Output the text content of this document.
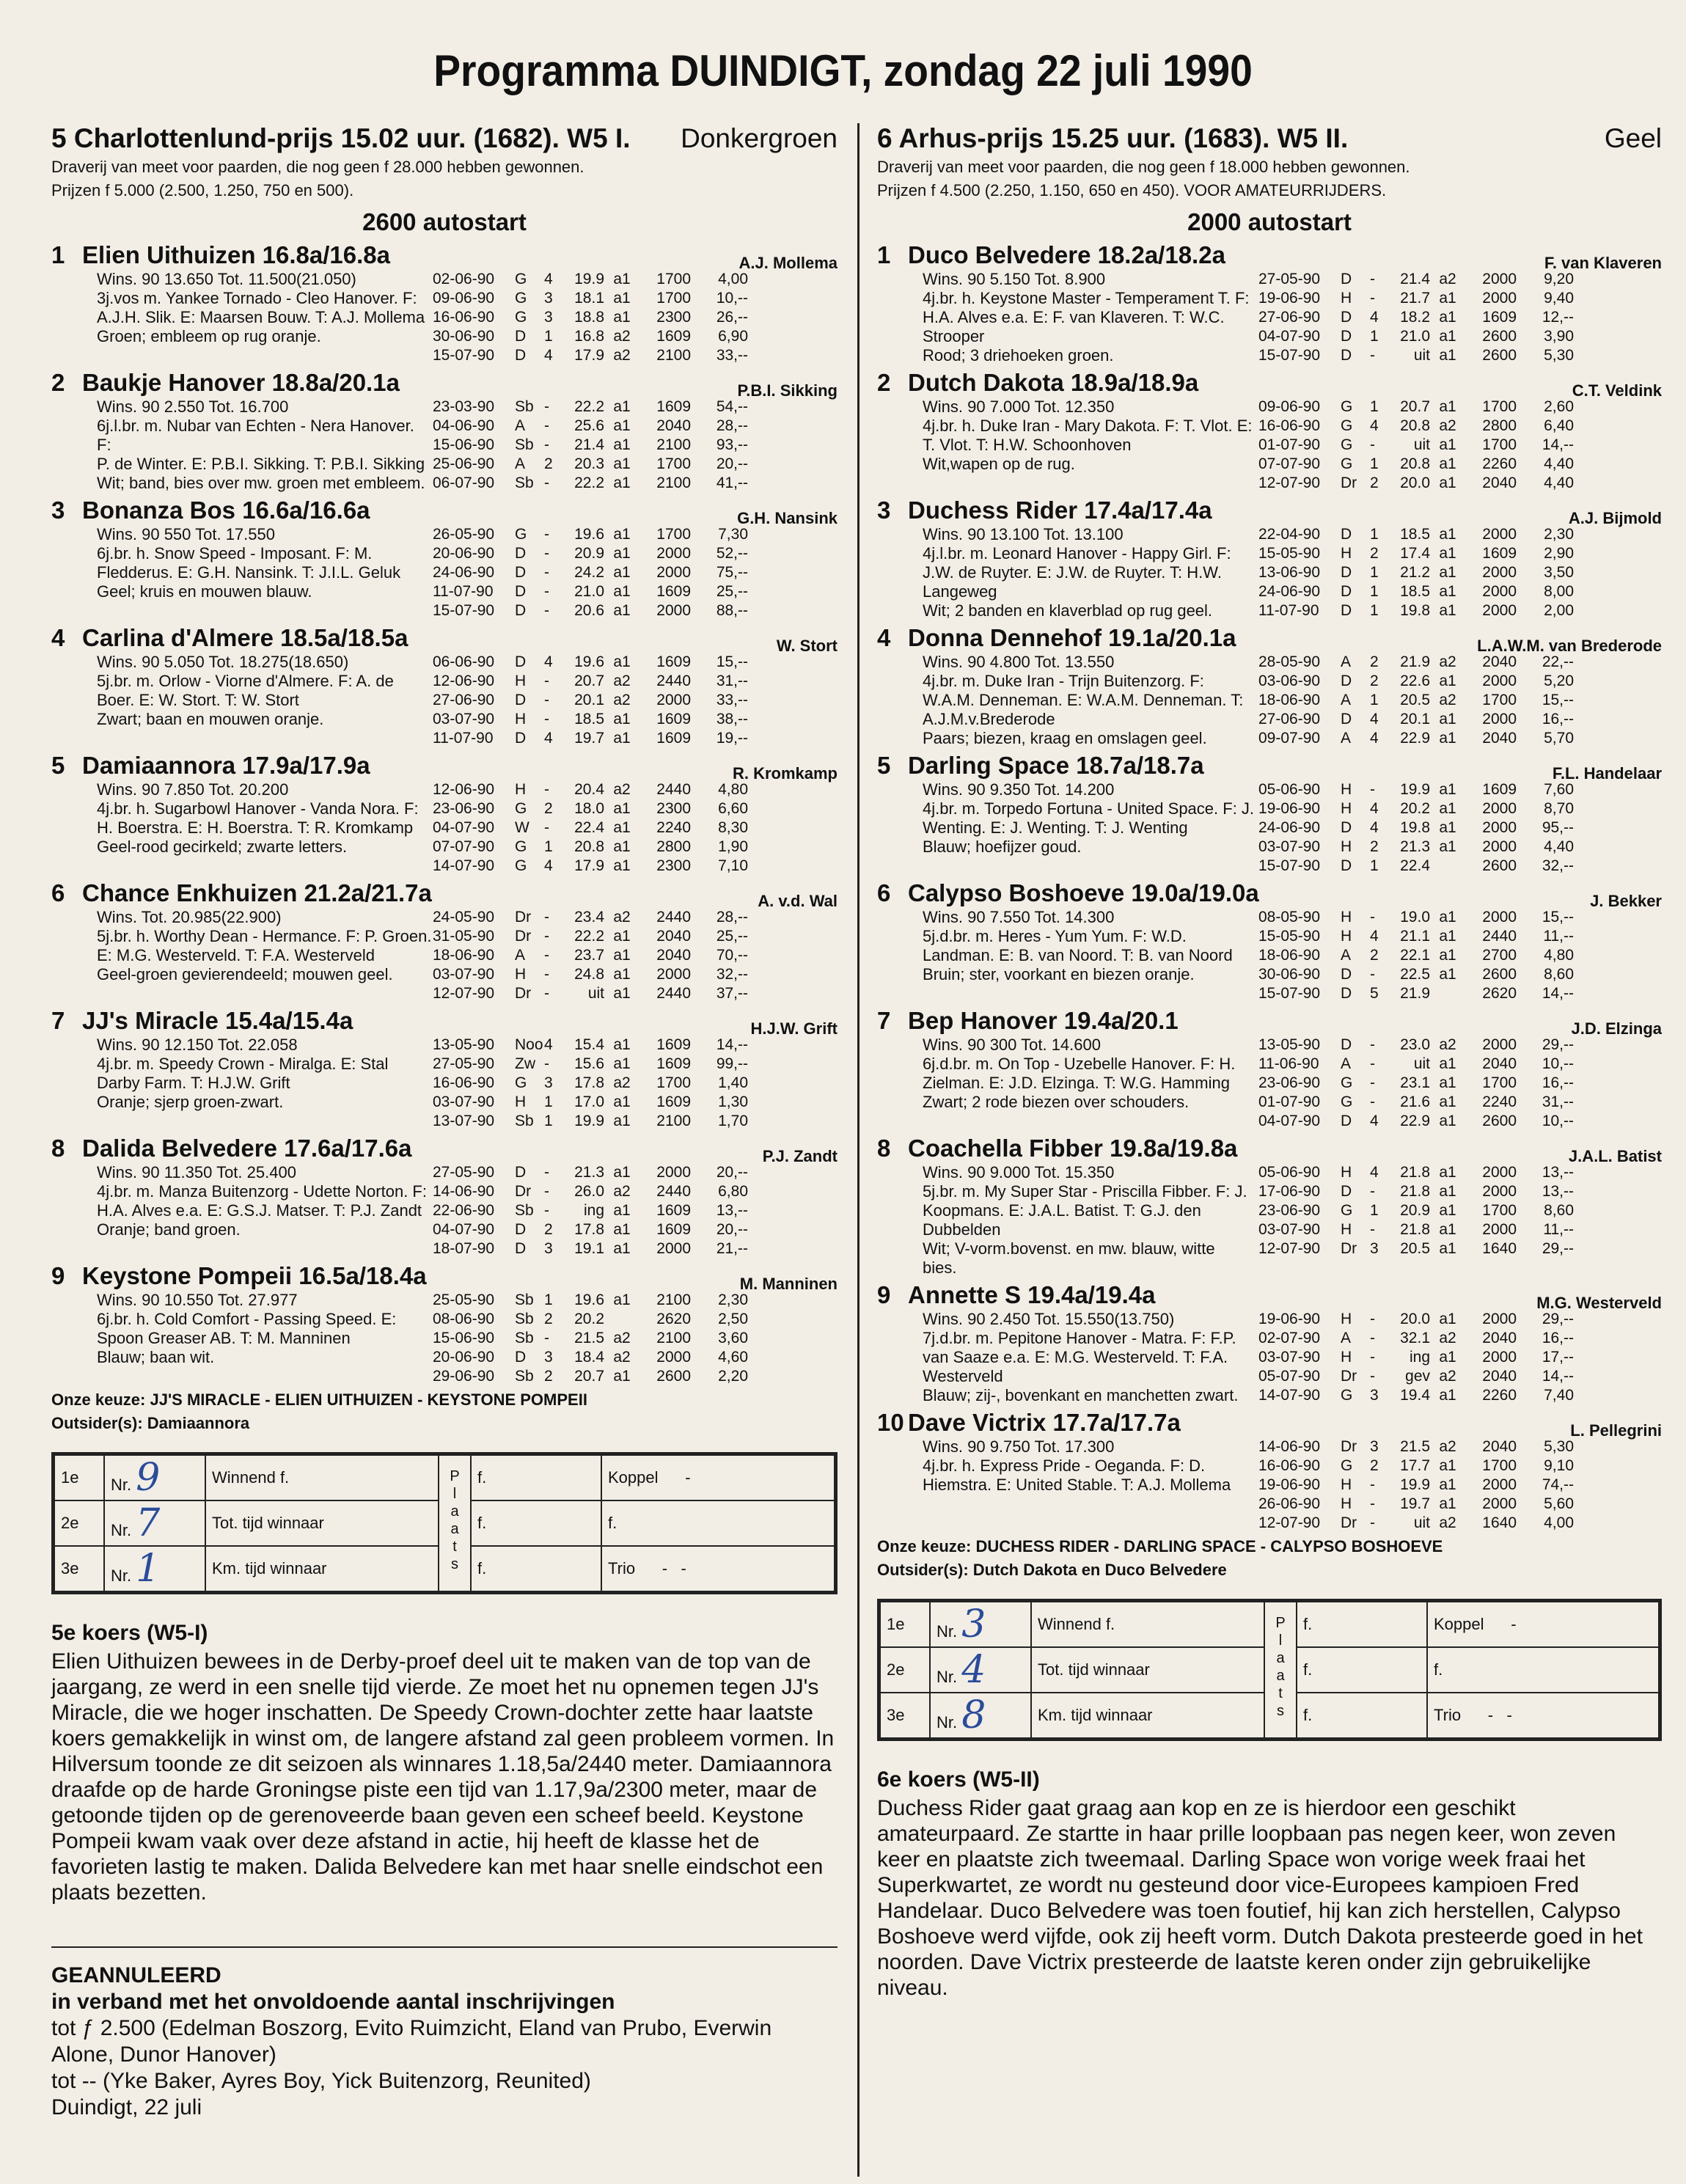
Programma DUINDIGT, zondag 22 juli 1990
5 Charlottenlund-prijs 15.02 uur. (1682). W5 I. Donkergroen
Draverij van meet voor paarden, die nog geen f 28.000 hebben gewonnen.
Prijzen f 5.000 (2.500, 1.250, 750 en 500).
2600 autostart
1 Elien Uithuizen 16.8a/16.8a	A.J. Mollema
Wins. 90 13.650 Tot. 11.500(21.050)
3j.vos m. Yankee Tornado - Cleo Hanover. F:
A.J.H. Slik. E: Maarsen Bouw. T: A.J. Mollema
Groen; embleem op rug oranje.
02-06-90	G	4	19.9 a1	1700	4,00
09-06-90	G	3	18.1 a1	1700	10,--
16-06-90	G	3	18.8 a1	2300	26,--
30-06-90	D	1	16.8 a2	1609	6,90
15-07-90	D	4	17.9 a2	2100	33,--
2 Baukje Hanover 18.8a/20.1a	P.B.I. Sikking
Wins. 90 2.550 Tot. 16.700
6j.l.br. m. Nubar van Echten - Nera Hanover. F:
P. de Winter. E: P.B.I. Sikking. T: P.B.I. Sikking
Wit; band, bies over mw. groen met embleem.
23-03-90	Sb -	22.2 a1	1609	54,--
04-06-90	A	-	25.6 a1	2040	28,--
15-06-90	Sb -	21.4 a1	2100	93,--
25-06-90	A	2	20.3 a1	1700	20,--
06-07-90	Sb -	22.2 a1	2100	41,--
3 Bonanza Bos 16.6a/16.6a	G.H. Nansink
Wins. 90 550 Tot. 17.550
6j.br. h. Snow Speed - Imposant. F: M.
Fledderus. E: G.H. Nansink. T: J.I.L. Geluk
Geel; kruis en mouwen blauw.
26-05-90	G	-	19.6 a1	1700	7,30
20-06-90	D	-	20.9 a1	2000	52,--
24-06-90	D	-	24.2 a1	2000	75,--
11-07-90	D	-	21.0 a1	1609	25,--
15-07-90	D	-	20.6 a1	2000	88,--
4 Carlina d'Almere 18.5a/18.5a	W. Stort
Wins. 90 5.050 Tot. 18.275(18.650)
5j.br. m. Orlow - Viorne d'Almere. F: A. de
Boer. E: W. Stort. T: W. Stort
Zwart; baan en mouwen oranje.
06-06-90	D	4	19.6 a1	1609	15,--
12-06-90	H	-	20.7 a2	2440	31,--
27-06-90	D	-	20.1 a2	2000	33,--
03-07-90	H	-	18.5 a1	1609	38,--
11-07-90	D	4	19.7 a1	1609	19,--
5 Damiaannora 17.9a/17.9a	R. Kromkamp
Wins. 90 7.850 Tot. 20.200
4j.br. h. Sugarbowl Hanover - Vanda Nora. F:
H. Boerstra. E: H. Boerstra. T: R. Kromkamp
Geel-rood gecirkeld; zwarte letters.
12-06-90	H	-	20.4 a2	2440	4,80
23-06-90	G	2	18.0 a1	2300	6,60
04-07-90	W -	22.4 a1	2240	8,30
07-07-90	G	1	20.8 a1	2800	1,90
14-07-90	G	4	17.9 a1	2300	7,10
6 Chance Enkhuizen 21.2a/21.7a	A. v.d. Wal
Wins. Tot. 20.985(22.900)
5j.br. h. Worthy Dean - Hermance. F: P. Groen.
E: M.G. Westerveld. T: F.A. Westerveld
Geel-groen gevierendeeld; mouwen geel.
24-05-90	Dr -	23.4 a2	2440	28,--
31-05-90	Dr -	22.2 a1	2040	25,--
18-06-90	A	-	23.7 a1	2040	70,--
03-07-90	H	-	24.8 a1	2000	32,--
12-07-90	Dr -	uit a1	2440	37,--
7 JJ's Miracle 15.4a/15.4a	H.J.W. Grift
Wins. 90 12.150 Tot. 22.058
4j.br. m. Speedy Crown - Miralga. E: Stal
Darby Farm. T: H.J.W. Grift
Oranje; sjerp groen-zwart.
13-05-90	Noo 4	15.4 a1	1609	14,--
27-05-90	Zw -	15.6 a1	1609	99,--
16-06-90	G	3	17.8 a2	1700	1,40
03-07-90	H	1	17.0 a1	1609	1,30
13-07-90	Sb 1	19.9 a1	2100	1,70
8 Dalida Belvedere 17.6a/17.6a	P.J. Zandt
Wins. 90 11.350 Tot. 25.400
4j.br. m. Manza Buitenzorg - Udette Norton. F:
H.A. Alves e.a. E: G.S.J. Matser. T: P.J. Zandt
Oranje; band groen.
27-05-90	D	-	21.3 a1	2000	20,--
14-06-90	Dr -	26.0 a2	2440	6,80
22-06-90	Sb -	ing a1	1609	13,--
04-07-90	D	2	17.8 a1	1609	20,--
18-07-90	D	3	19.1 a1	2000	21,--
9 Keystone Pompeii 16.5a/18.4a	M. Manninen
Wins. 90 10.550 Tot. 27.977
6j.br. h. Cold Comfort - Passing Speed. E:
Spoon Greaser AB. T: M. Manninen
Blauw; baan wit.
25-05-90	Sb 1	19.6 a1	2100	2,30
08-06-90	Sb 2	20.2	2620	2,50
15-06-90	Sb -	21.5 a2	2100	3,60
20-06-90	D	3	18.4 a2	2000	4,60
29-06-90	Sb 2	20.7 a1	2600	2,20
Onze keuze: JJ'S MIRACLE - ELIEN UITHUIZEN - KEYSTONE POMPEII
Outsider(s): Damiaannora
1e	Nr. 9	Winnend f.	Plaats	f.	Koppel -
2e	Nr. 7	Tot. tijd winnaar		f.	f.
3e	Nr. 1	Km. tijd winnaar		f.	Trio - -
5e koers (W5-I)
Elien Uithuizen bewees in de Derby-proef deel uit te maken van de top van de jaargang, ze werd in een snelle tijd vierde. Ze moet het nu opnemen tegen JJ's Miracle, die we hoger inschatten. De Speedy Crown-dochter zette haar laatste koers gemakkelijk in winst om, de langere afstand zal geen probleem vormen. In Hilversum toonde ze dit seizoen als winnares 1.18,5a/2440 meter. Damiaannora draafde op de harde Groningse piste een tijd van 1.17,9a/2300 meter, maar de getoonde tijden op de gerenoveerde baan geven een scheef beeld. Keystone Pompeii kwam vaak over deze afstand in actie, hij heeft de klasse het de favorieten lastig te maken. Dalida Belvedere kan met haar snelle eindschot een plaats bezetten.
GEANNULEERD
in verband met het onvoldoende aantal inschrijvingen
tot ƒ 2.500 (Edelman Boszorg, Evito Ruimzicht, Eland van Prubo, Everwin Alone, Dunor Hanover)
tot -- (Yke Baker, Ayres Boy, Yick Buitenzorg, Reunited)
Duindigt, 22 juli
6 Arhus-prijs 15.25 uur. (1683). W5 II.	Geel
Draverij van meet voor paarden, die nog geen f 18.000 hebben gewonnen.
Prijzen f 4.500 (2.250, 1.150, 650 en 450). VOOR AMATEURRIJDERS.
2000 autostart
1 Duco Belvedere 18.2a/18.2a	F. van Klaveren
Wins. 90 5.150 Tot. 8.900
4j.br. h. Keystone Master - Temperament T. F:
H.A. Alves e.a. E: F. van Klaveren. T: W.C.
Strooper
Rood; 3 driehoeken groen.
27-05-90	D	-	21.4 a2	2000	9,20
19-06-90	H	-	21.7 a1	2000	9,40
27-06-90	D	4	18.2 a1	1609	12,--
04-07-90	D	1	21.0 a1	2600	3,90
15-07-90	D	-	uit a1	2600	5,30
2 Dutch Dakota 18.9a/18.9a	C.T. Veldink
Wins. 90 7.000 Tot. 12.350
4j.br. h. Duke Iran - Mary Dakota. F: T. Vlot. E:
T. Vlot. T: H.W. Schoonhoven
Wit,wapen op de rug.
09-06-90	G	1	20.7 a1	1700	2,60
16-06-90	G	4	20.8 a2	2800	6,40
01-07-90	G	-	uit a1	1700	14,--
07-07-90	G	1	20.8 a1	2260	4,40
12-07-90	Dr 2	20.0 a1	2040	4,40
3 Duchess Rider 17.4a/17.4a	A.J. Bijmold
Wins. 90 13.100 Tot. 13.100
4j.l.br. m. Leonard Hanover - Happy Girl. F:
J.W. de Ruyter. E: J.W. de Ruyter. T: H.W.
Langeweg
Wit; 2 banden en klaverblad op rug geel.
22-04-90	D	1	18.5 a1	2000	2,30
15-05-90	H	2	17.4 a1	1609	2,90
13-06-90	D	1	21.2 a1	2000	3,50
24-06-90	D	1	18.5 a1	2000	8,00
11-07-90	D	1	19.8 a1	2000	2,00
4 Donna Dennehof 19.1a/20.1a	L.A.W.M. van Brederode
Wins. 90 4.800 Tot. 13.550
4j.br. m. Duke Iran - Trijn Buitenzorg. F:
W.A.M. Denneman. E: W.A.M. Denneman. T:
A.J.M.v.Brederode
Paars; biezen, kraag en omslagen geel.
28-05-90	A	2	21.9 a2	2040	22,--
03-06-90	D	2	22.6 a1	2000	5,20
18-06-90	A	1	20.5 a2	1700	15,--
27-06-90	D	4	20.1 a1	2000	16,--
09-07-90	A	4	22.9 a1	2040	5,70
5 Darling Space 18.7a/18.7a	F.L. Handelaar
Wins. 90 9.350 Tot. 14.200
4j.br. m. Torpedo Fortuna - United Space. F: J.
Wenting. E: J. Wenting. T: J. Wenting
Blauw; hoefijzer goud.
05-06-90	H	-	19.9 a1	1609	7,60
19-06-90	H	4	20.2 a1	2000	8,70
24-06-90	D	4	19.8 a1	2000	95,--
03-07-90	H	2	21.3 a1	2000	4,40
15-07-90	D	1	22.4	2600	32,--
6 Calypso Boshoeve 19.0a/19.0a	J. Bekker
Wins. 90 7.550 Tot. 14.300
5j.d.br. m. Heres - Yum Yum. F: W.D.
Landman. E: B. van Noord. T: B. van Noord
Bruin; ster, voorkant en biezen oranje.
08-05-90	H	-	19.0 a1	2000	15,--
15-05-90	H	4	21.1 a1	2440	11,--
18-06-90	A	2	22.1 a1	2700	4,80
30-06-90	D	-	22.5 a1	2600	8,60
15-07-90	D	5	21.9	2620	14,--
7 Bep Hanover 19.4a/20.1	J.D. Elzinga
Wins. 90 300 Tot. 14.600
6j.d.br. m. On Top - Uzebelle Hanover. F: H.
Zielman. E: J.D. Elzinga. T: W.G. Hamming
Zwart; 2 rode biezen over schouders.
13-05-90	D	-	23.0 a2	2000	29,--
11-06-90	A	-	uit a1	2040	10,--
23-06-90	G	-	23.1 a1	1700	16,--
01-07-90	G	-	21.6 a1	2240	31,--
04-07-90	D	4	22.9 a1	2600	10,--
8 Coachella Fibber 19.8a/19.8a	J.A.L. Batist
Wins. 90 9.000 Tot. 15.350
5j.br. m. My Super Star - Priscilla Fibber. F: J.
Koopmans. E: J.A.L. Batist. T: G.J. den
Dubbelden
Wit; V-vorm.bovenst. en mw. blauw, witte
bies.
05-06-90	H	4	21.8 a1	2000	13,--
17-06-90	D	-	21.8 a1	2000	13,--
23-06-90	G	1	20.9 a1	1700	8,60
03-07-90	H	-	21.8 a1	2000	11,--
12-07-90	Dr 3	20.5 a1	1640	29,--
9 Annette S 19.4a/19.4a	M.G. Westerveld
Wins. 90 2.450 Tot. 15.550(13.750)
7j.d.br. m. Pepitone Hanover - Matra. F: F.P.
van Saaze e.a. E: M.G. Westerveld. T: F.A.
Westerveld
Blauw; zij-, bovenkant en manchetten zwart.
19-06-90	H	-	20.0 a1	2000	29,--
02-07-90	A	-	32.1 a2	2040	16,--
03-07-90	H	-	ing a1	2000	17,--
05-07-90	Dr -	gev a2	2040	14,--
14-07-90	G	3	19.4 a1	2260	7,40
10 Dave Victrix 17.7a/17.7a	L. Pellegrini
Wins. 90 9.750 Tot. 17.300
4j.br. h. Express Pride - Oeganda. F: D.
Hiemstra. E: United Stable. T: A.J. Mollema
14-06-90	Dr 3	21.5 a2	2040	5,30
16-06-90	G	2	17.7 a1	1700	9,10
19-06-90	H	-	19.9 a1	2000	74,--
26-06-90	H	-	19.7 a1	2000	5,60
12-07-90	Dr -	uit a2	1640	4,00
Onze keuze: DUCHESS RIDER - DARLING SPACE - CALYPSO BOSHOEVE
Outsider(s): Dutch Dakota en Duco Belvedere
1e	Nr. 3	Winnend f.	Plaats	f.	Koppel -
2e	Nr. 4	Tot. tijd winnaar		f.	f.
3e	Nr. 8	Km. tijd winnaar		f.	Trio - -
6e koers (W5-II)
Duchess Rider gaat graag aan kop en ze is hierdoor een geschikt amateurpaard. Ze startte in haar prille loopbaan pas negen keer, won zeven keer en plaatste zich tweemaal. Darling Space won vorige week fraai het Superkwartet, ze wordt nu gesteund door vice-Europees kampioen Fred Handelaar. Duco Belvedere was toen foutief, hij kan zich herstellen, Calypso Boshoeve werd vijfde, ook zij heeft vorm. Dutch Dakota presteerde goed in het noorden. Dave Victrix presteerde de laatste keren onder zijn gebruikelijke niveau.
